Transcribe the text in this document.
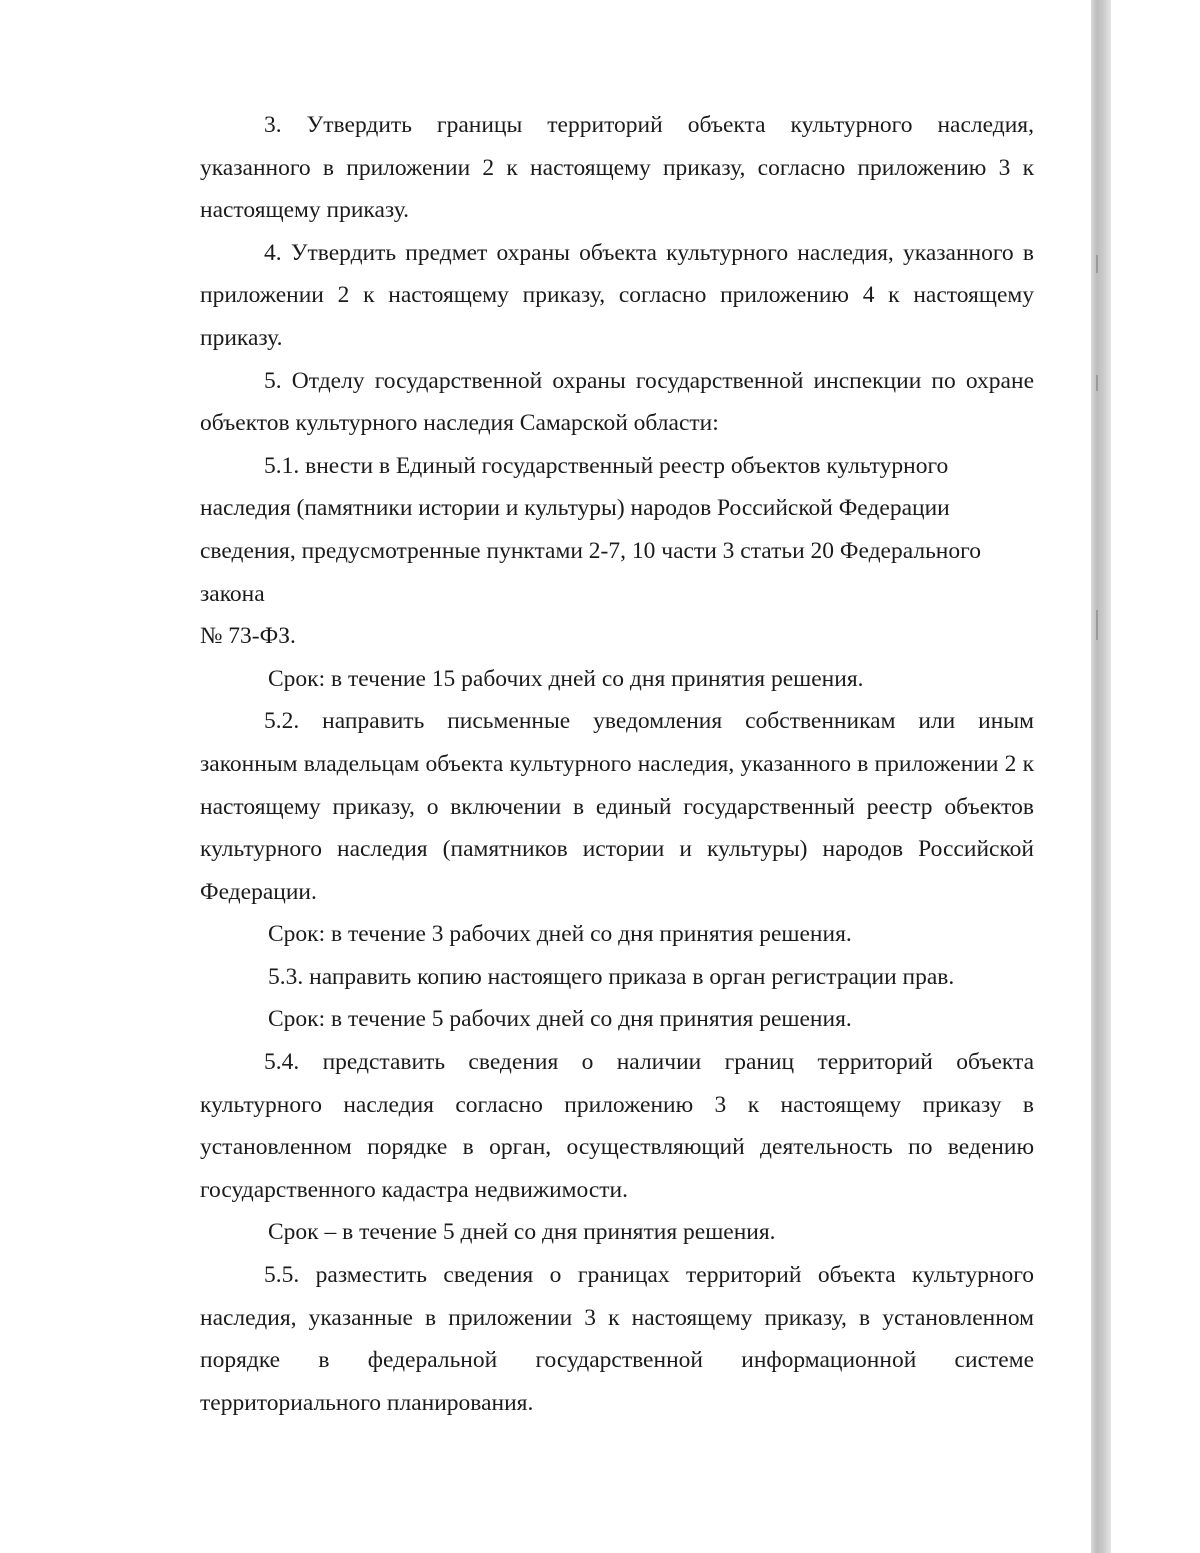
3. Утвердить границы территорий объекта культурного наследия, указанного в приложении 2 к настоящему приказу, согласно приложению 3 к настоящему приказу.

4. Утвердить предмет охраны объекта культурного наследия, указанного в приложении 2 к настоящему приказу, согласно приложению 4 к настоящему приказу.

5. Отделу государственной охраны государственной инспекции по охране объектов культурного наследия Самарской области:

5.1. внести в Единый государственный реестр объектов культурного наследия (памятники истории и культуры) народов Российской Федерации сведения, предусмотренные пунктами 2-7, 10 части 3 статьи 20 Федерального закона

№ 73-ФЗ.

Срок: в течение 15 рабочих дней со дня принятия решения.

5.2. направить письменные уведомления собственникам или иным законным владельцам объекта культурного наследия, указанного в приложении 2 к настоящему приказу, о включении в единый государственный реестр объектов культурного наследия (памятников истории и культуры) народов Российской Федерации.

Срок: в течение 3 рабочих дней со дня принятия решения.

5.3. направить копию настоящего приказа в орган регистрации прав.

Срок: в течение 5 рабочих дней со дня принятия решения.

5.4. представить сведения о наличии границ территорий объекта культурного наследия согласно приложению 3 к настоящему приказу в установленном порядке в орган, осуществляющий деятельность по ведению государственного кадастра недвижимости.

Срок – в течение 5 дней со дня принятия решения.

5.5. разместить сведения о границах территорий объекта культурного наследия, указанные в приложении 3 к настоящему приказу, в установленном порядке в федеральной государственной информационной системе территориального планирования.
